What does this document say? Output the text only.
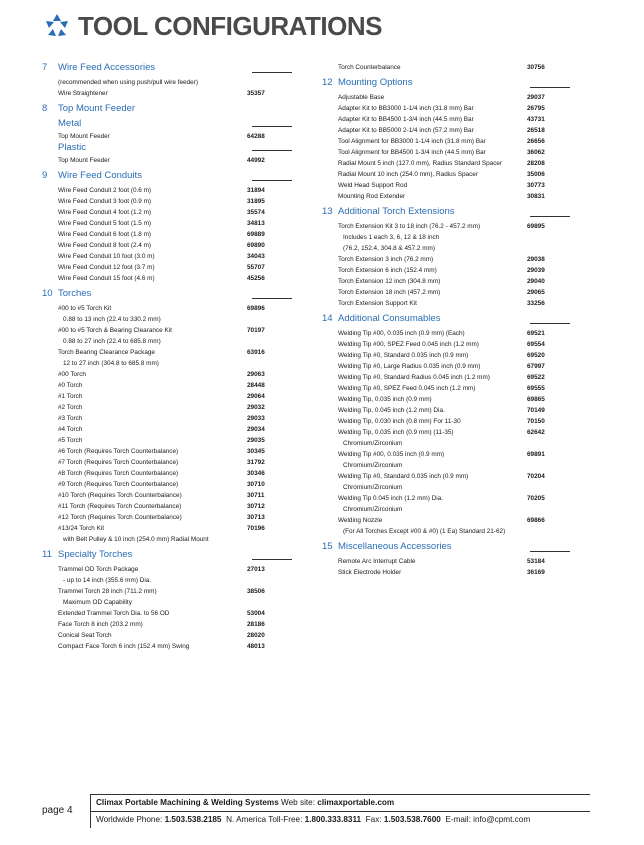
TOOL CONFIGURATIONS
7 Wire Feed Accessories
(recommended when using push/pull wire feeder)
Wire Straightener	35357
8 Top Mount Feeder
Metal
Top Mount Feeder	64288
Plastic
Top Mount Feeder	44992
9 Wire Feed Conduits
Wire Feed Conduit 2 foot (0.6 m)	31894
Wire Feed Conduit 3 foot (0.9 m)	31895
Wire Feed Conduit 4 foot (1.2 m)	35574
Wire Feed Conduit 5 foot (1.5 m)	34813
Wire Feed Conduit 6 foot (1.8 m)	69889
Wire Feed Conduit 8 foot (2.4 m)	69890
Wire Feed Conduit 10 foot (3.0 m)	34043
Wire Feed Conduit 12 foot (3.7 m)	55707
Wire Feed Conduit 15 foot (4.6 m)	45256
10 Torches
#00 to #5 Torch Kit	69896
0.88 to 13 inch (22.4 to 330.2 mm)
#00 to #5 Torch & Bearing Clearance Kit	70197
0.88 to 27 inch (22.4 to 685.8 mm)
Torch Bearing Clearance Package	63916
12 to 27 inch (304.8 to 685.8 mm)
#00 Torch	29063
#0 Torch	28448
#1 Torch	29064
#2 Torch	29032
#3 Torch	29033
#4 Torch	29034
#5 Torch	29035
#6 Torch (Requires Torch Counterbalance)	30345
#7 Torch (Requires Torch Counterbalance)	31792
#8 Torch (Requires Torch Counterbalance)	30346
#9 Torch (Requires Torch Counterbalance)	30710
#10 Torch (Requires Torch Counterbalance)	30711
#11 Torch (Requires Torch Counterbalance)	30712
#12 Torch (Requires Torch Counterbalance)	30713
#13/24 Torch Kit	70196
with Belt Pulley & 10 inch (254.0 mm) Radial Mount
11 Specialty Torches
Trammel OD Torch Package	27013
- up to 14 inch (355.6 mm) Dia.
Trammel Torch 28 inch (711.2 mm)	38506
Maximum OD Capability
Extended Trammel Torch Dia. to 56 OD	53004
Face Torch 8 inch (203.2 mm)	28186
Conical Seat Torch	28020
Compact Face Torch 6 inch (152.4 mm) Swing	48013
Torch Counterbalance	30756
12 Mounting Options
Adjustable Base	29037
Adapter Kit to BB3000 1-1/4 inch (31.8 mm) Bar	26795
Adapter Kit to BB4500 1-3/4 inch (44.5 mm) Bar	43731
Adapter Kit to BB5000 2-1/4 inch (57.2 mm) Bar	26518
Tool Alignment for BB3000 1-1/4 inch (31.8 mm) Bar	26656
Tool Alignment for BB4500 1-3/4 inch (44.5 mm) Bar	36062
Radial Mount 5 inch (127.0 mm), Radius Standard Spacer	28208
Radial Mount 10 inch (254.0 mm), Radius Spacer	35006
Weld Head Support Rod	30773
Mounting Rod Extender	30831
13 Additional Torch Extensions
Torch Extension Kit 3 to 18 inch (76.2 - 457.2 mm)	69895
Includes 1 each 3, 6, 12 & 18 inch
(76.2, 152.4, 304.8 & 457.2 mm)
Torch Extension 3 inch (76.2 mm)	29038
Torch Extension 6 inch (152.4 mm)	29039
Torch Extension 12 inch (304.8 mm)	29040
Torch Extension 18 inch (457.2 mm)	29065
Torch Extension Support Kit	33256
14 Additional Consumables
Welding Tip #00, 0.035 inch (0.9 mm) (Each)	69521
Welding Tip #00, SPEZ Feed 0.045 inch (1.2 mm)	69554
Welding Tip #0, Standard 0.035 inch (0.9 mm)	69520
Welding Tip #0, Large Radius 0.035 inch (0.9 mm)	67997
Welding Tip #0, Standard Radius 0.045 inch (1.2 mm)	69522
Welding Tip #0, SPEZ Feed 0.045 inch (1.2 mm)	69555
Welding Tip, 0.035 inch (0.9 mm)	69865
Welding Tip, 0.045 inch (1.2 mm) Dia.	70149
Welding Tip, 0.030 inch (0.8 mm) For 11-30	70150
Welding Tip, 0.035 inch (0.9 mm) (11-35)	62642
Chromium/Zirconium
Welding Tip #00, 0.035 inch (0.9 mm)	69891
Chromium/Zirconium
Welding Tip #0, Standard 0.035 inch (0.9 mm)	70204
Chromium/Zirconium
Welding Tip 0.045 inch (1.2 mm) Dia.	70205
Chromium/Zirconium
Welding Nozzle	69866
(For All Torches Except #00 & #0) (1 Ea) Standard 21-62)
15 Miscellaneous Accessories
Remote Arc Interrupt Cable	53184
Stick Electrode Holder	36169
page 4
Climax Portable Machining & Welding Systems Web site: climaxportable.com
Worldwide Phone: 1.503.538.2185 N. America Toll-Free: 1.800.333.8311 Fax: 1.503.538.7600 E-mail: info@cpmt.com
